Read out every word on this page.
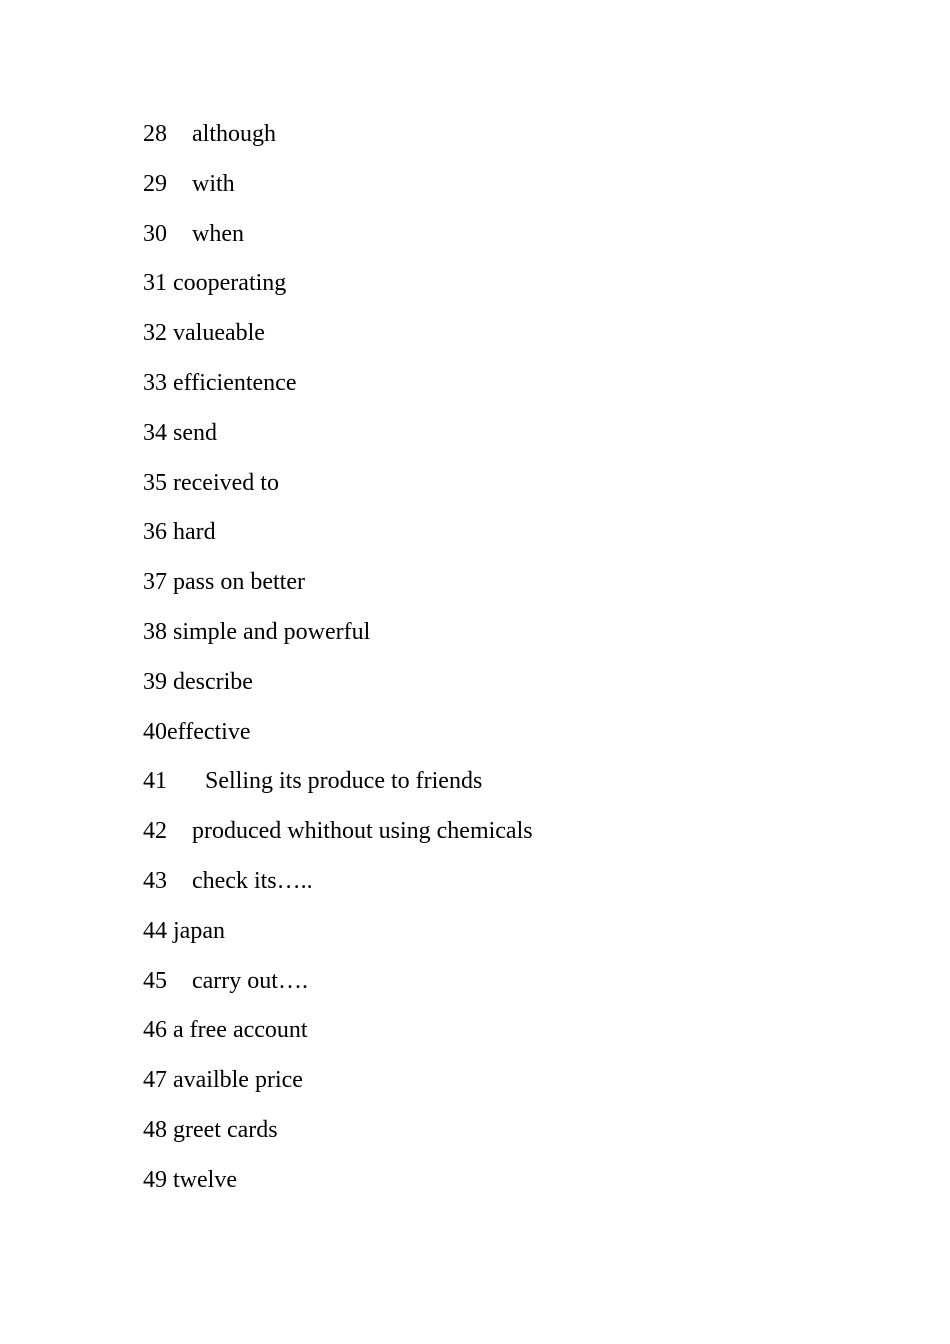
28 although
29 with
30 when
31 cooperating
32 valueable
33 efficientence
34 send
35 received to
36 hard
37 pass on better
38 simple and powerful
39 describe
40effective
41 Selling its produce to friends
42 produced whithout using chemicals
43 check its…..
44 japan
45 carry out….
46 a free account
47 availble price
48 greet cards
49 twelve
